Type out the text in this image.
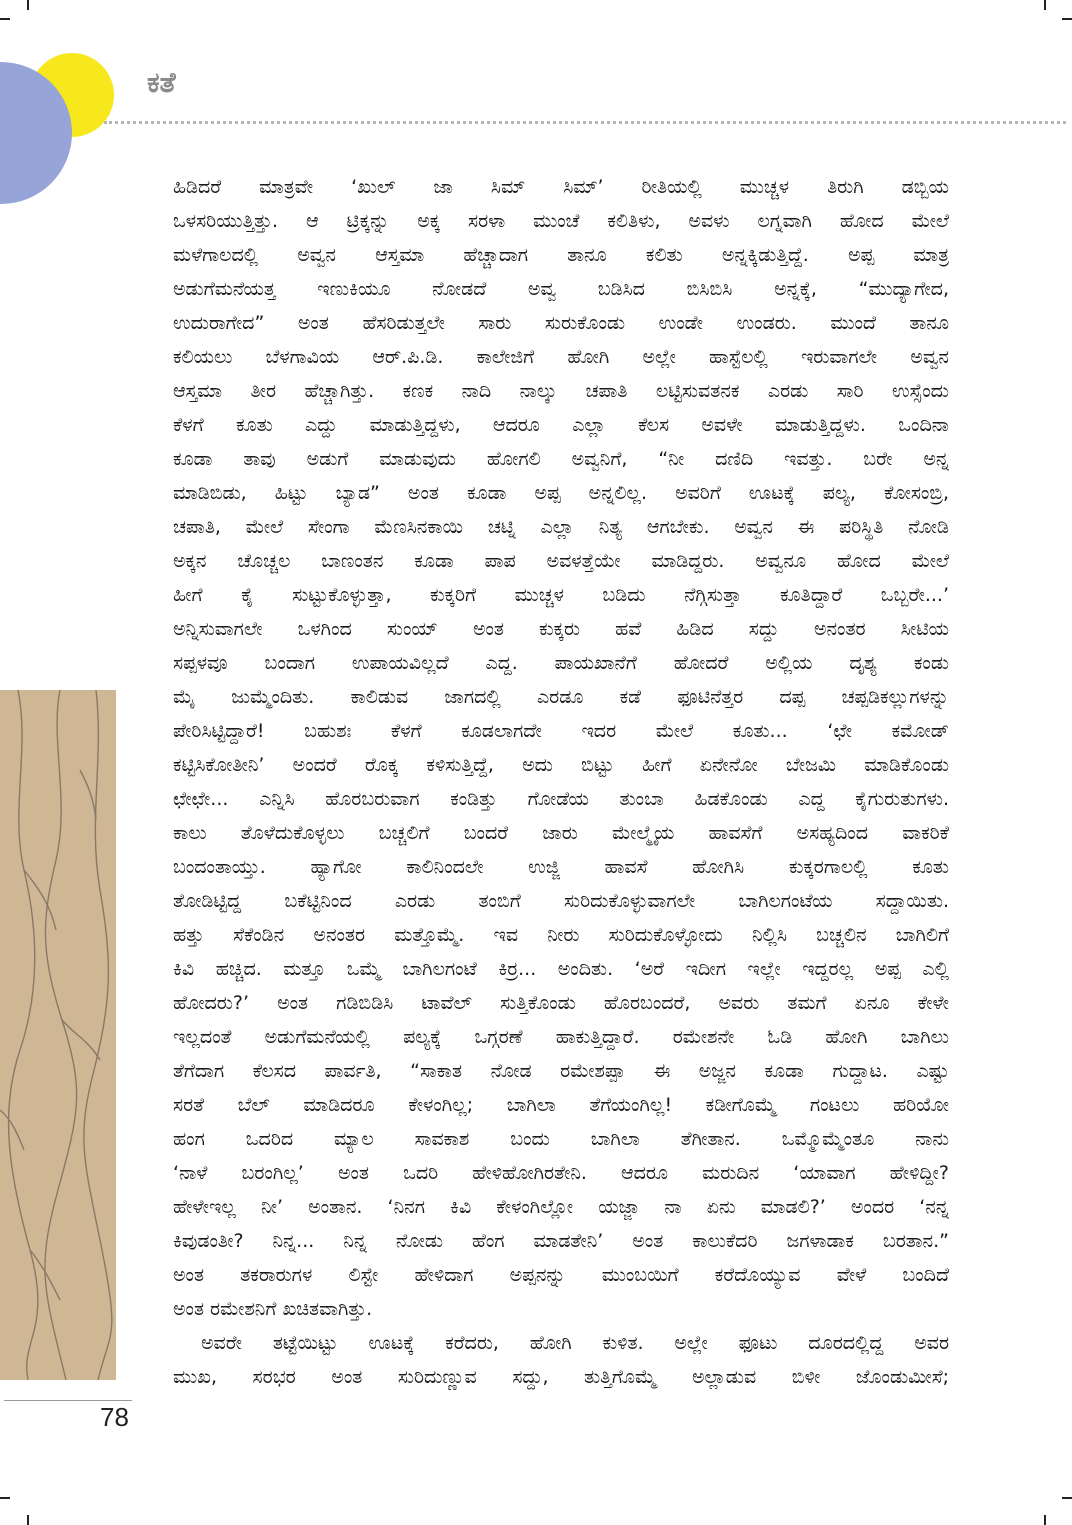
ಕತೆ
ಹಿಡಿದರೆ ಮಾತ್ರವೇ ‘ಖುಲ್ ಜಾ ಸಿಮ್ ಸಿಮ್’ ರೀತಿಯಲ್ಲಿ ಮುಚ್ಚಳ ತಿರುಗಿ ಡಬ್ಬಿಯ
ಒಳಸರಿಯುತ್ತಿತ್ತು. ಆ ಟ್ರಿಕ್ಕನ್ನು ಅಕ್ಕ ಸರಳಾ ಮುಂಚೆ ಕಲಿತಿಳು, ಅವಳು ಲಗ್ನವಾಗಿ ಹೋದ ಮೇಲೆ
ಮಳೆಗಾಲದಲ್ಲಿ ಅವ್ವನ ಆಸ್ತಮಾ ಹೆಚ್ಚಾದಾಗ ತಾನೂ ಕಲಿತು ಅನ್ನಕ್ಕಿಡುತ್ತಿದ್ದೆ. ಅಪ್ಪ ಮಾತ್ರ
ಅಡುಗೆಮನೆಯತ್ತ ಇಣುಕಿಯೂ ನೋಡದೆ ಅವ್ವ ಬಡಿಸಿದ ಬಿಸಿಬಿಸಿ ಅನ್ನಕ್ಕೆ, “ಮುದ್ಯಾಗೇದ,
ಉದುರಾಗೇದ” ಅಂತ ಹೆಸರಿಡುತ್ತಲೇ ಸಾರು ಸುರುಕೊಂಡು ಉಂಡೇ ಉಂಡರು. ಮುಂದೆ ತಾನೂ
ಕಲಿಯಲು ಬೆಳಗಾವಿಯ ಆರ್.ಪಿ.ಡಿ. ಕಾಲೇಜಿಗೆ ಹೋಗಿ ಅಲ್ಲೇ ಹಾಸ್ಟೆಲಲ್ಲಿ ಇರುವಾಗಲೇ ಅವ್ವನ
ಆಸ್ತಮಾ ತೀರ ಹೆಚ್ಚಾಗಿತ್ತು. ಕಣಕ ನಾದಿ ನಾಲ್ಕು ಚಪಾತಿ ಲಟ್ಟಿಸುವತನಕ ಎರಡು ಸಾರಿ ಉಸ್ಸೆಂದು
ಕೆಳಗೆ ಕೂತು ಎದ್ದು ಮಾಡುತ್ತಿದ್ದಳು, ಆದರೂ ಎಲ್ಲಾ ಕೆಲಸ ಅವಳೇ ಮಾಡುತ್ತಿದ್ದಳು. ಒಂದಿನಾ
ಕೂಡಾ ತಾವು ಅಡುಗೆ ಮಾಡುವುದು ಹೋಗಲಿ ಅವ್ವನಿಗೆ, “ನೀ ದಣಿದಿ ಇವತ್ತು. ಬರೇ ಅನ್ನ
ಮಾಡಿಬಿಡು, ಹಿಟ್ಟು ಬ್ಯಾಡ” ಅಂತ ಕೂಡಾ ಅಪ್ಪ ಅನ್ನಲಿಲ್ಲ. ಅವರಿಗೆ ಊಟಕ್ಕೆ ಪಲ್ಯ, ಕೋಸಂಬ್ರಿ,
ಚಪಾತಿ, ಮೇಲೆ ಸೇಂಗಾ ಮೆಣಸಿನಕಾಯಿ ಚಟ್ನಿ ಎಲ್ಲಾ ನಿತ್ಯ ಆಗಬೇಕು. ಅವ್ವನ ಈ ಪರಿಸ್ಥಿತಿ ನೋಡಿ
ಅಕ್ಕನ ಚೊಚ್ಚಲ ಬಾಣಂತನ ಕೂಡಾ ಪಾಪ ಅವಳತ್ತೆಯೇ ಮಾಡಿದ್ದರು. ಅವ್ವನೂ ಹೋದ ಮೇಲೆ
ಹೀಗೆ ಕೈ ಸುಟ್ಟುಕೊಳ್ಳುತ್ತಾ, ಕುಕ್ಕರಿಗೆ ಮುಚ್ಚಳ ಬಡಿದು ನೆಗ್ಗಿಸುತ್ತಾ ಕೂತಿದ್ದಾರೆ ಒಬ್ಬರೇ...’
ಅನ್ನಿಸುವಾಗಲೇ ಒಳಗಿಂದ ಸುಂಯ್ ಅಂತ ಕುಕ್ಕರು ಹವೆ ಹಿಡಿದ ಸದ್ದು ಅನಂತರ ಸೀಟಿಯ
ಸಪ್ಪಳವೂ ಬಂದಾಗ ಉಪಾಯವಿಲ್ಲದೆ ಎದ್ದ. ಪಾಯಖಾನೆಗೆ ಹೋದರೆ ಅಲ್ಲಿಯ ದೃಶ್ಯ ಕಂಡು
ಮೈ ಜುಮ್ಮೆಂದಿತು. ಕಾಲಿಡುವ ಜಾಗದಲ್ಲಿ ಎರಡೂ ಕಡೆ ಫೂಟಿನೆತ್ತರ ದಪ್ಪ ಚಪ್ಪಡಿಕಲ್ಲುಗಳನ್ನು
ಪೇರಿಸಿಟ್ಟಿದ್ದಾರೆ! ಬಹುಶಃ ಕೆಳಗೆ ಕೂಡಲಾಗದೇ ಇದರ ಮೇಲೆ ಕೂತು... ‘ಛೇ ಕಮೋಡ್
ಕಟ್ಟಿಸಿಕೋತೀನಿ’ ಅಂದರೆ ರೊಕ್ಕ ಕಳಿಸುತ್ತಿದ್ದೆ, ಅದು ಬಿಟ್ಟು ಹೀಗೆ ಏನೇನೋ ಬೇಜಮಿ ಮಾಡಿಕೊಂಡು
ಛೇಛೇ... ಎನ್ನಿಸಿ ಹೊರಬರುವಾಗ ಕಂಡಿತ್ತು ಗೋಡೆಯ ತುಂಬಾ ಹಿಡಕೊಂಡು ಎದ್ದ ಕೈಗುರುತುಗಳು.
ಕಾಲು ತೊಳೆದುಕೊಳ್ಳಲು ಬಚ್ಚಲಿಗೆ ಬಂದರೆ ಜಾರು ಮೇಲ್ಮೈಯ ಹಾವಸೆಗೆ ಅಸಹ್ಯದಿಂದ ವಾಕರಿಕೆ
ಬಂದಂತಾಯ್ತು. ಹ್ಯಾಗೋ ಕಾಲಿನಿಂದಲೇ ಉಜ್ಜಿ ಹಾವಸೆ ಹೋಗಿಸಿ ಕುಕ್ಕರಗಾಲಲ್ಲಿ ಕೂತು
ತೋಡಿಟ್ಟಿದ್ದ ಬಕೆಟ್ಟಿನಿಂದ ಎರಡು ತಂಬಿಗೆ ಸುರಿದುಕೊಳ್ಳುವಾಗಲೇ ಬಾಗಿಲಗಂಟೆಯ ಸದ್ದಾಯಿತು.
ಹತ್ತು ಸೆಕೆಂಡಿನ ಅನಂತರ ಮತ್ತೊಮ್ಮೆ. ಇವ ನೀರು ಸುರಿದುಕೊಳ್ಳೋದು ನಿಲ್ಲಿಸಿ ಬಚ್ಚಲಿನ ಬಾಗಿಲಿಗೆ
ಕಿವಿ ಹಚ್ಚಿದ. ಮತ್ತೂ ಒಮ್ಮೆ ಬಾಗಿಲಗಂಟೆ ಕಿರ್ರ... ಅಂದಿತು. ‘ಅರೆ ಇದೀಗ ಇಲ್ಲೇ ಇದ್ದರಲ್ಲ ಅಪ್ಪ ಎಲ್ಲಿ
ಹೋದರು?’ ಅಂತ ಗಡಿಬಿಡಿಸಿ ಟಾವೆಲ್ ಸುತ್ತಿಕೊಂಡು ಹೊರಬಂದರೆ, ಅವರು ತಮಗೆ ಏನೂ ಕೇಳೇ
ಇಲ್ಲದಂತೆ ಅಡುಗೆಮನೆಯಲ್ಲಿ ಪಲ್ಯಕ್ಕೆ ಒಗ್ಗರಣೆ ಹಾಕುತ್ತಿದ್ದಾರೆ. ರಮೇಶನೇ ಓಡಿ ಹೋಗಿ ಬಾಗಿಲು
ತೆಗೆದಾಗ ಕೆಲಸದ ಪಾರ್ವತಿ, “ಸಾಕಾತ ನೋಡ ರಮೇಶಪ್ಪಾ ಈ ಅಜ್ಜನ ಕೂಡಾ ಗುದ್ದಾಟ. ಎಷ್ಟು
ಸರತೆ ಬೆಲ್ ಮಾಡಿದರೂ ಕೇಳಂಗಿಲ್ಲ; ಬಾಗಿಲಾ ತೆಗೆಯಂಗಿಲ್ಲ! ಕಡೀಗೊಮ್ಮೆ ಗಂಟಲು ಹರಿಯೋ
ಹಂಗ ಒದರಿದ ಮ್ಯಾಲ ಸಾವಕಾಶ ಬಂದು ಬಾಗಿಲಾ ತೆಗೀತಾನ. ಒಮ್ಮೊಮ್ಮೆಂತೂ ನಾನು
‘ನಾಳೆ ಬರಂಗಿಲ್ಲ’ ಅಂತ ಒದರಿ ಹೇಳಿಹೋಗಿರತೇನಿ. ಆದರೂ ಮರುದಿನ ‘ಯಾವಾಗ ಹೇಳಿದ್ದೀ?
ಹೇಳೇಇಲ್ಲ ನೀ’ ಅಂತಾನ. ‘ನಿನಗ ಕಿವಿ ಕೇಳಂಗಿಲ್ಲೋ ಯಜ್ಜಾ ನಾ ಏನು ಮಾಡಲಿ?’ ಅಂದರ ‘ನನ್ನ
ಕಿವುಡಂತೀ? ನಿನ್ನ... ನಿನ್ನ ನೋಡು ಹೆಂಗ ಮಾಡತೇನಿ’ ಅಂತ ಕಾಲುಕೆದರಿ ಜಗಳಾಡಾಕ ಬರತಾನ.”
ಅಂತ ತಕರಾರುಗಳ ಲಿಸ್ಟೇ ಹೇಳಿದಾಗ ಅಪ್ಪನನ್ನು ಮುಂಬಯಿಗೆ ಕರೆದೊಯ್ಯುವ ವೇಳೆ ಬಂದಿದೆ
ಅಂತ ರಮೇಶನಿಗೆ ಖಚಿತವಾಗಿತ್ತು.
ಅವರೇ ತಟ್ಟೆಯಿಟ್ಟು ಊಟಕ್ಕೆ ಕರೆದರು, ಹೋಗಿ ಕುಳಿತ. ಅಲ್ಲೇ ಫೂಟು ದೂರದಲ್ಲಿದ್ದ ಅವರ
ಮುಖ, ಸರಭರ ಅಂತ ಸುರಿದುಣ್ಣುವ ಸದ್ದು, ತುತ್ತಿಗೊಮ್ಮೆ ಅಲ್ಲಾಡುವ ಬಿಳೀ ಜೊಂಡುಮೀಸೆ;
78
